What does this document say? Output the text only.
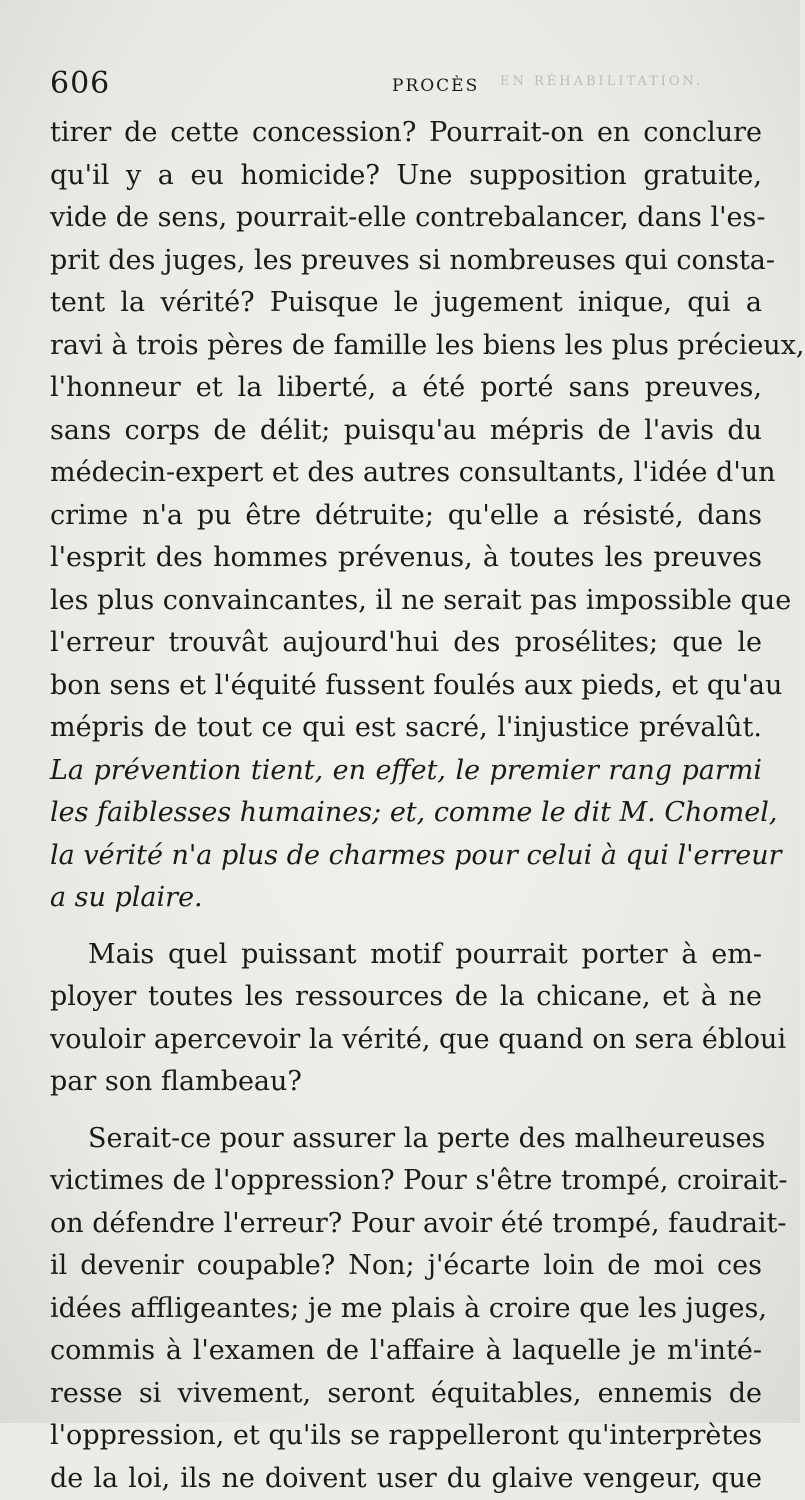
606	PROCÈS EN RÉHABILITATION.
tirer de cette concession? Pourrait-on en conclure
qu'il y a eu homicide? Une supposition gratuite,
vide de sens, pourrait-elle contrebalancer, dans l'es-
prit des juges, les preuves si nombreuses qui consta-
tent la vérité? Puisque le jugement inique, qui a
ravi à trois pères de famille les biens les plus précieux,
l'honneur et la liberté, a été porté sans preuves,
sans corps de délit; puisqu'au mépris de l'avis du
médecin-expert et des autres consultants, l'idée d'un
crime n'a pu être détruite; qu'elle a résisté, dans
l'esprit des hommes prévenus, à toutes les preuves
les plus convaincantes, il ne serait pas impossible que
l'erreur trouvât aujourd'hui des prosélites; que le
bon sens et l'équité fussent foulés aux pieds, et qu'au
mépris de tout ce qui est sacré, l'injustice prévalût.
La prévention tient, en effet, le premier rang parmi
les faiblesses humaines; et, comme le dit M. Chomel,
la vérité n'a plus de charmes pour celui à qui l'erreur
a su plaire.
Mais quel puissant motif pourrait porter à em-
ployer toutes les ressources de la chicane, et à ne
vouloir apercevoir la vérité, que quand on sera ébloui
par son flambeau?
Serait-ce pour assurer la perte des malheureuses
victimes de l'oppression? Pour s'être trompé, croirait-
on défendre l'erreur? Pour avoir été trompé, faudrait-
il devenir coupable? Non; j'écarte loin de moi ces
idées affligeantes; je me plais à croire que les juges,
commis à l'examen de l'affaire à laquelle je m'inté-
resse si vivement, seront équitables, ennemis de
l'oppression, et qu'ils se rappelleront qu'interprètes
de la loi, ils ne doivent user du glaive vengeur, que
